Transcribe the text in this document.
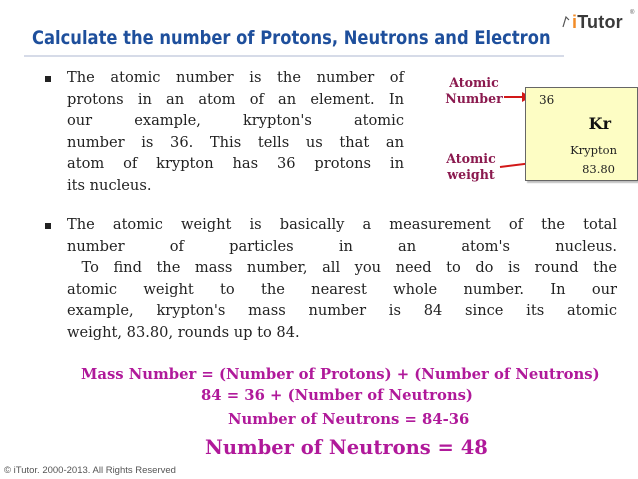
iTutor ®
Calculate the number of Protons, Neutrons and Electron
The atomic number is the number of
protons in an atom of an element. In
our example, krypton's atomic
number is 36. This tells us that an
atom of krypton has 36 protons in
its nucleus.
Atomic
Number
Atomic
weight
36
Kr
Krypton
83.80
The atomic weight is basically a measurement of the total
number of particles in an atom's nucleus.
To find the mass number, all you need to do is round the
atomic weight to the nearest whole number. In our
example, krypton's mass number is 84 since its atomic
weight, 83.80, rounds up to 84.
Mass Number = (Number of Protons) + (Number of Neutrons)
84 = 36 + (Number of Neutrons)
Number of Neutrons = 84-36
Number of Neutrons = 48
© iTutor. 2000-2013. All Rights Reserved
